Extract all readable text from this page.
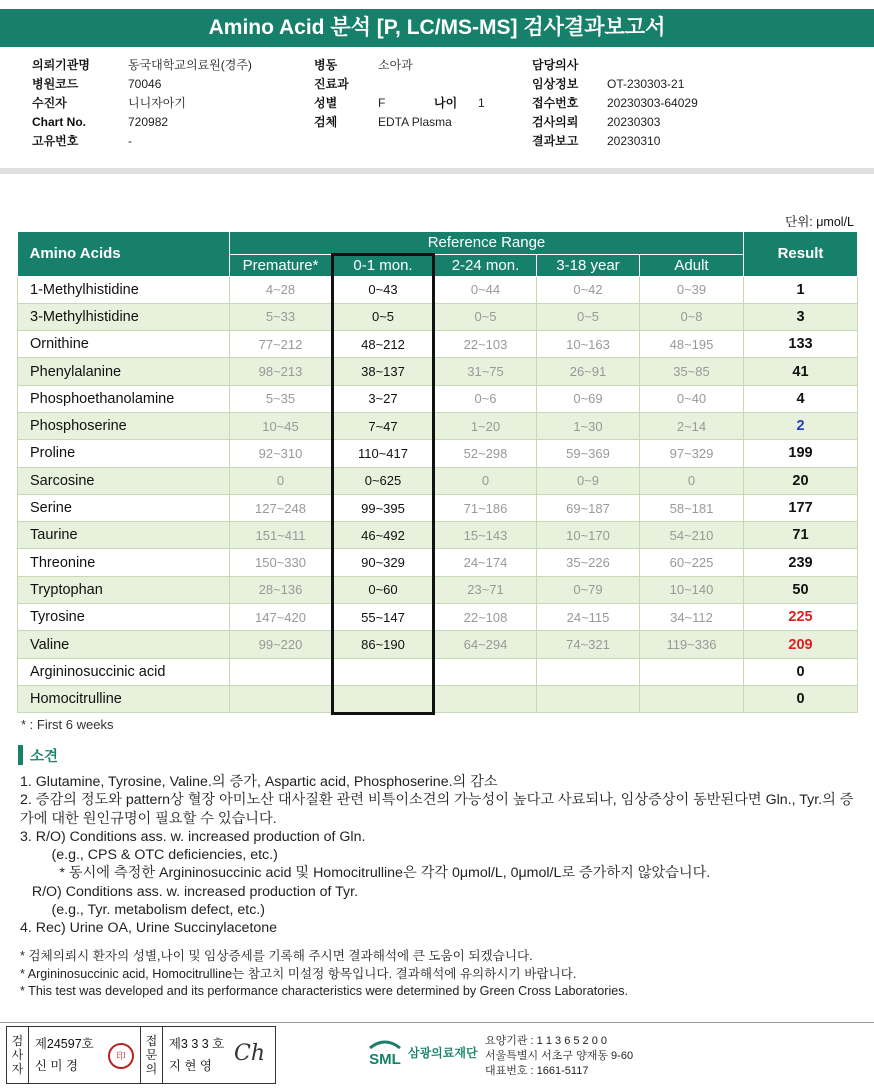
Amino Acid 분석 [P, LC/MS-MS] 검사결과보고서
의뢰기관명	동국대학교의료원(경주)
병원코드	70046
수진자	니니자아기
Chart No.	720982
고유번호	-
병동	소아과
진료과
성별	F	나이 1
검체	EDTA Plasma
담당의사
임상정보 OT-230303-21
접수번호 20230303-64029
검사의뢰 20230303
결과보고 20230310
단위: μmol/L
Amino Acids	Reference Range					Result
	Premature*	0-1 mon.	2-24 mon.	3-18 year	Adult	
1-Methylhistidine	4~28	0~43	0~44	0~42	0~39	1
3-Methylhistidine	5~33	0~5	0~5	0~5	0~8	3
Ornithine	77~212	48~212	22~103	10~163	48~195	133
Phenylalanine	98~213	38~137	31~75	26~91	35~85	41
Phosphoethanolamine	5~35	3~27	0~6	0~69	0~40	4
Phosphoserine	10~45	7~47	1~20	1~30	2~14	2
Proline	92~310	110~417	52~298	59~369	97~329	199
Sarcosine	0	0~625	0	0~9	0	20
Serine	127~248	99~395	71~186	69~187	58~181	177
Taurine	151~411	46~492	15~143	10~170	54~210	71
Threonine	150~330	90~329	24~174	35~226	60~225	239
Tryptophan	28~136	0~60	23~71	0~79	10~140	50
Tyrosine	147~420	55~147	22~108	24~115	34~112	225
Valine	99~220	86~190	64~294	74~321	119~336	209
Argininosuccinic acid						0
Homocitrulline						0
* : First 6 weeks
소견

1. Glutamine, Tyrosine, Valine.의 증가, Aspartic acid, Phosphoserine.의 감소

2. 증감의 정도와 pattern상 혈장 아미노산 대사질환 관련 비특이소견의 가능성이 높다고 사료되나, 임상증상이 동반된다면 Gln., Tyr.의 증가에 대한 원인규명이 필요할 수 있습니다.

3. R/O) Conditions ass. w. increased production of Gln.

(e.g., CPS & OTC deficiencies, etc.)

* 동시에 측정한 Argininosuccinic acid 및 Homocitrulline은 각각 0μmol/L, 0μmol/L로 증가하지 않았습니다.

R/O) Conditions ass. w. increased production of Tyr.

(e.g., Tyr. metabolism defect, etc.)

4. Rec) Urine OA, Urine Succinylacetone

* 검체의뢰시 환자의 성별,나이 및 임상증세를 기록해 주시면 결과해석에 큰 도움이 되겠습니다.

* Argininosuccinic acid, Homocitrulline는 참고치 미설정 항목입니다. 결과해석에 유의하시기 바랍니다.

* This test was developed and its performance characteristics were determined by Green Cross Laboratories.

검
사
자
제24597호
신 미 경
印
접
문
의
제3 3 3 호
지 현 영 Ch	SML 삼광의료재단

요양기관 : 1 1 3 6 5 2 0 0

서울특별시 서초구 양재동 9-60

대표번호 : 1661-5117
